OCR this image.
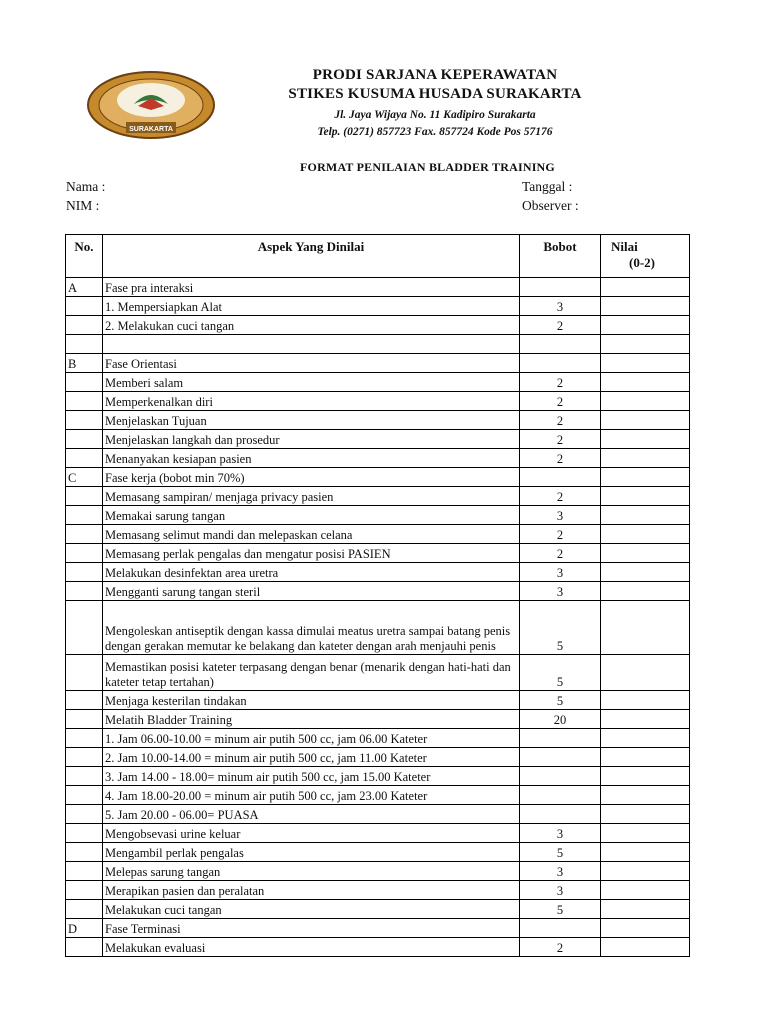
SURAKARTA
PRODI SARJANA KEPERAWATAN
STIKES KUSUMA HUSADA SURAKARTA
Jl. Jaya Wijaya No. 11 Kadipiro Surakarta
Telp. (0271) 857723 Fax. 857724 Kode Pos 57176
FORMAT PENILAIAN BLADDER TRAINING
Nama :
NIM :
Tanggal :
Observer :
No.	Aspek Yang Dinilai	Bobot	Nilai
(0-2)
A	Fase pra interaksi		
	1. Mempersiapkan Alat	3	
	2. Melakukan cuci tangan	2	

B	Fase Orientasi		
	Memberi salam	2	
	Memperkenalkan diri	2	
	Menjelaskan Tujuan	2	
	Menjelaskan langkah dan prosedur	2	
	Menanyakan kesiapan pasien	2	
C	Fase kerja (bobot min 70%)		
	Memasang sampiran/ menjaga privacy pasien	2	
	Memakai sarung tangan	3	
	Memasang selimut mandi dan melepaskan celana	2	
	Memasang perlak pengalas dan mengatur posisi PASIEN	2	
	Melakukan desinfektan area uretra	3	
	Mengganti sarung tangan steril	3	
	Mengoleskan antiseptik dengan kassa dimulai meatus uretra sampai batang penis dengan gerakan memutar ke belakang dan kateter dengan arah menjauhi penis	5	
	Memastikan posisi kateter terpasang dengan benar (menarik dengan hati-hati dan kateter tetap tertahan)	5	
	Menjaga kesterilan tindakan	5	
	Melatih Bladder Training	20	
	1. Jam 06.00-10.00 = minum air putih 500 cc, jam 06.00 Kateter		
	2. Jam 10.00-14.00 = minum air putih 500 cc, jam 11.00 Kateter		
	3. Jam 14.00 - 18.00= minum air putih 500 cc, jam 15.00 Kateter		
	4. Jam 18.00-20.00 = minum air putih 500 cc, jam 23.00 Kateter		
	5. Jam 20.00 - 06.00= PUASA		
	Mengobsevasi urine keluar	3	
	Mengambil perlak pengalas	5	
	Melepas sarung tangan	3	
	Merapikan pasien dan peralatan	3	
	Melakukan cuci tangan	5	
D	Fase Terminasi		
	Melakukan evaluasi	2	
